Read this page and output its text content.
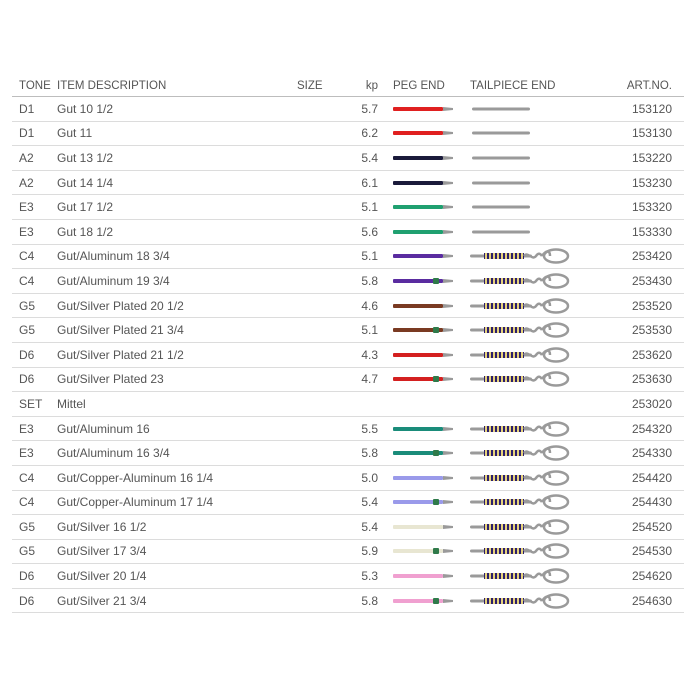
TONE ITEM DESCRIPTION	SIZE	kp PEG END TAILPIECE END	ART.NO.
D1 Gut 10 1/2	5.7	153120
D1 Gut 11	6.2	153130
A2 Gut 13 1/2	5.4	153220
A2 Gut 14 1/4	6.1	153230
E3 Gut 17 1/2	5.1	153320
E3 Gut 18 1/2	5.6	153330
C4 Gut/Aluminum 18 3/4	5.1	253420
C4 Gut/Aluminum 19 3/4	5.8	253430
G5 Gut/Silver Plated 20 1/2	4.6	253520
G5 Gut/Silver Plated 21 3/4	5.1	253530
D6 Gut/Silver Plated 21 1/2	4.3	253620
D6 Gut/Silver Plated 23	4.7	253630
SET Mittel	253020
E3 Gut/Aluminum 16	5.5	254320
E3 Gut/Aluminum 16 3/4	5.8	254330
C4 Gut/Copper-Aluminum 16 1/4	5.0	254420
C4 Gut/Copper-Aluminum 17 1/4	5.4	254430
G5 Gut/Silver 16 1/2	5.4	254520
G5 Gut/Silver 17 3/4	5.9	254530
D6 Gut/Silver 20 1/4	5.3	254620
D6 Gut/Silver 21 3/4	5.8	254630
